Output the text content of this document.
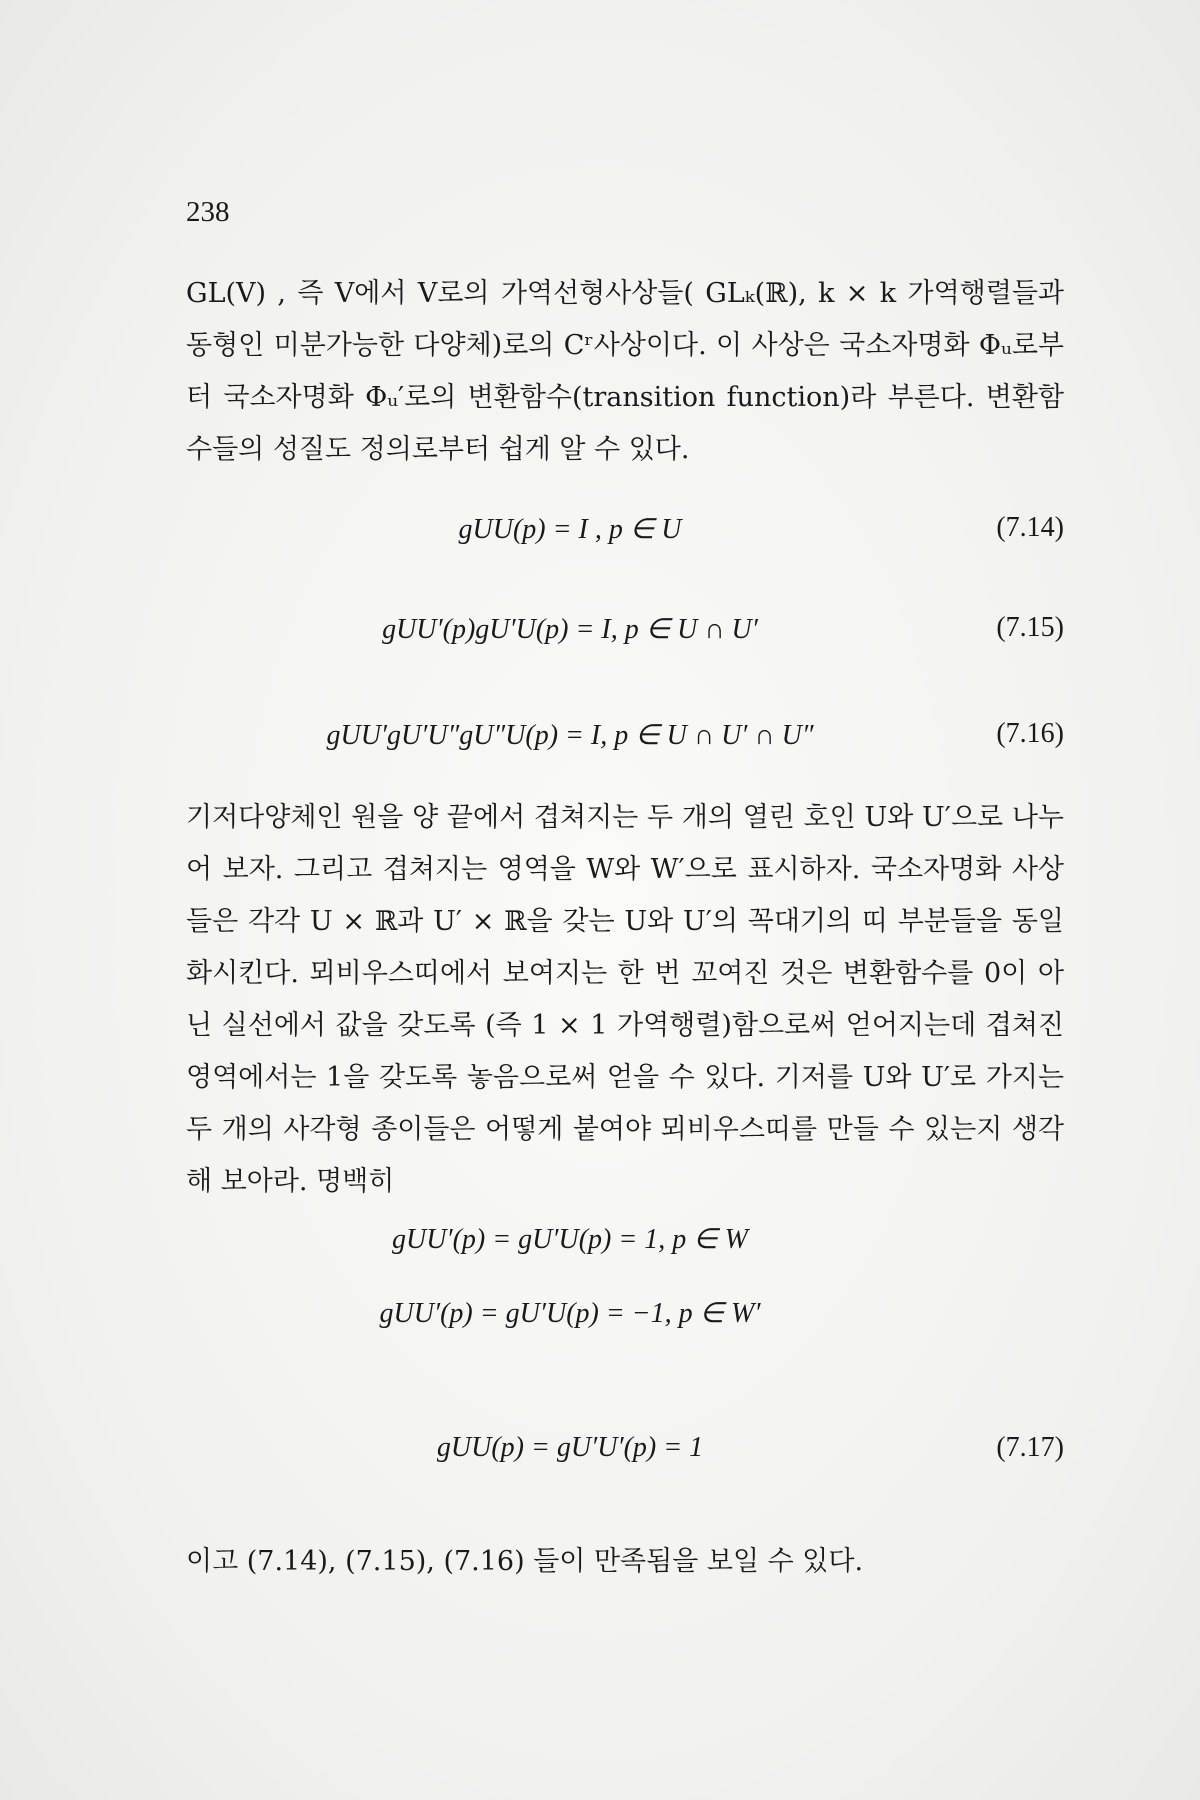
238

GL(V) , 즉 V에서 V로의 가역선형사상들( GLₖ(ℝ), k × k 가역행렬들과 동형인 미분가능한 다양체)로의 Cʳ사상이다. 이 사상은 국소자명화 Φᵤ로부터 국소자명화 Φᵤ′로의 변환함수(transition function)라 부른다. 변환함수들의 성질도 정의로부터 쉽게 알 수 있다.

gUU(p) = I , p ∈ U	(7.14)
gUU′(p)gU′U(p) = I, p ∈ U ∩ U′	(7.15)
gUU′gU′U″gU″U(p) = I, p ∈ U ∩ U′ ∩ U″	(7.16)

기저다양체인 원을 양 끝에서 겹쳐지는 두 개의 열린 호인 U와 U′으로 나누어 보자. 그리고 겹쳐지는 영역을 W와 W′으로 표시하자. 국소자명화 사상들은 각각 U × ℝ과 U′ × ℝ을 갖는 U와 U′의 꼭대기의 띠 부분들을 동일화시킨다. 뫼비우스띠에서 보여지는 한 번 꼬여진 것은 변환함수를 0이 아닌 실선에서 값을 갖도록 (즉 1 × 1 가역행렬)함으로써 얻어지는데 겹쳐진 영역에서는 1을 갖도록 놓음으로써 얻을 수 있다. 기저를 U와 U′로 가지는 두 개의 사각형 종이들은 어떻게 붙여야 뫼비우스띠를 만들 수 있는지 생각해 보아라. 명백히

gUU′(p) = gU′U(p) = 1, p ∈ W
gUU′(p) = gU′U(p) = −1, p ∈ W′
gUU(p) = gU′U′(p) = 1	(7.17)

이고 (7.14), (7.15), (7.16) 들이 만족됨을 보일 수 있다.
